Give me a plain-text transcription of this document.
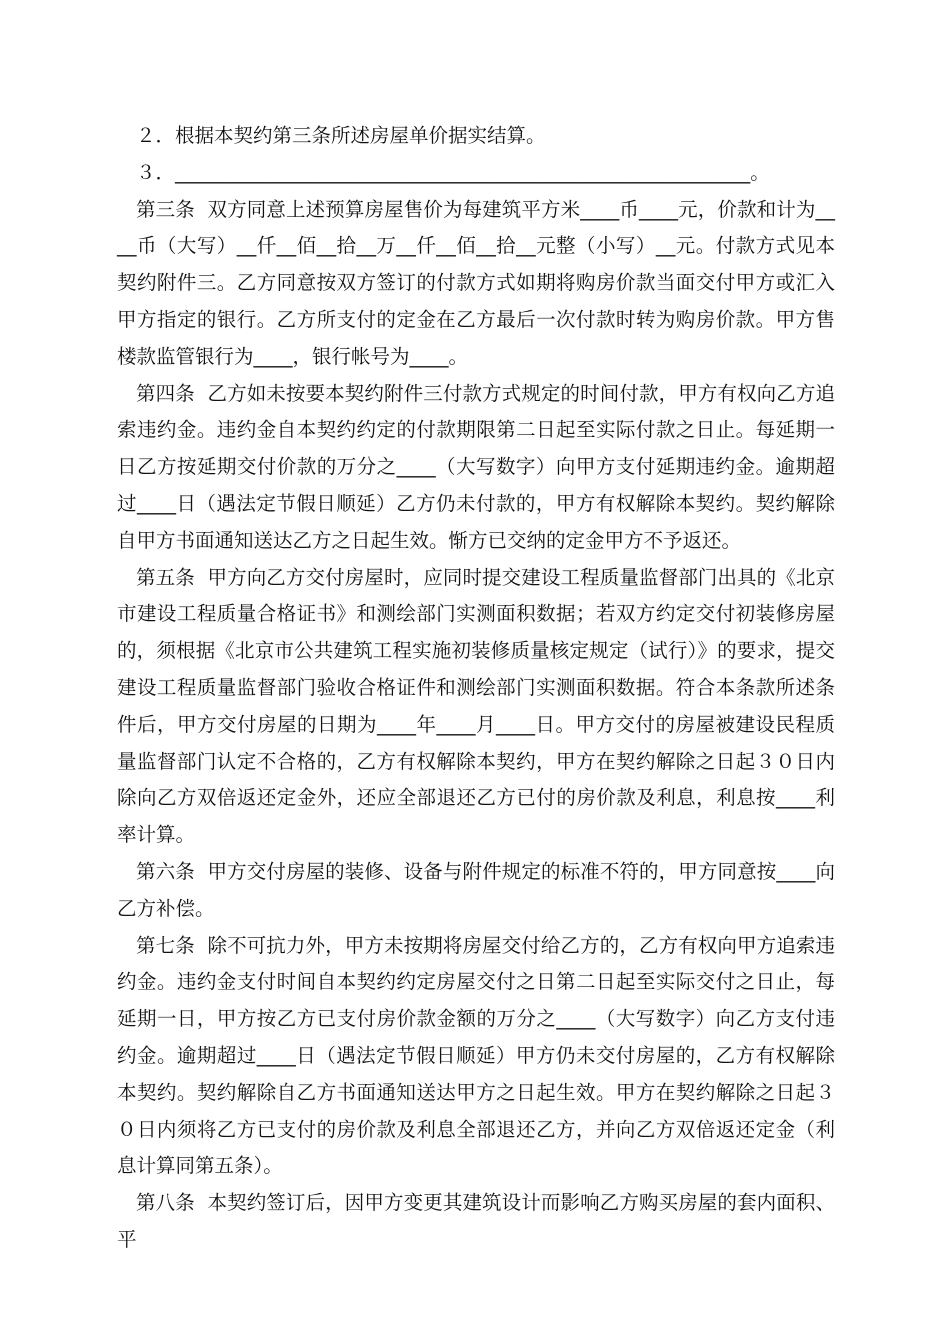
２．根据本契约第三条所述房屋单价据实结算。

３．___________________________________________________________。

第三条  双方同意上述预算房屋售价为每建筑平方米____币____元，价款和计为____币（大写）__仟__佰__拾__万__仟__佰__拾__元整（小写）__元。付款方式见本契约附件三。乙方同意按双方签订的付款方式如期将购房价款当面交付甲方或汇入甲方指定的银行。乙方所支付的定金在乙方最后一次付款时转为购房价款。甲方售楼款监管银行为____，银行帐号为____。

第四条  乙方如未按要本契约附件三付款方式规定的时间付款，甲方有权向乙方追索违约金。违约金自本契约约定的付款期限第二日起至实际付款之日止。每延期一日乙方按延期交付价款的万分之____（大写数字）向甲方支付延期违约金。逾期超过____日（遇法定节假日顺延）乙方仍未付款的，甲方有权解除本契约。契约解除自甲方书面通知送达乙方之日起生效。惭方已交纳的定金甲方不予返还。

第五条  甲方向乙方交付房屋时，应同时提交建设工程质量监督部门出具的《北京市建设工程质量合格证书》和测绘部门实测面积数据；若双方约定交付初装修房屋的，须根据《北京市公共建筑工程实施初装修质量核定规定（试行）》的要求，提交建设工程质量监督部门验收合格证件和测绘部门实测面积数据。符合本条款所述条件后，甲方交付房屋的日期为____年____月____日。甲方交付的房屋被建设民程质量监督部门认定不合格的，乙方有权解除本契约，甲方在契约解除之日起３０日内除向乙方双倍返还定金外，还应全部退还乙方已付的房价款及利息，利息按____利率计算。

第六条  甲方交付房屋的装修、设备与附件规定的标准不符的，甲方同意按____向乙方补偿。

第七条  除不可抗力外，甲方未按期将房屋交付给乙方的，乙方有权向甲方追索违约金。违约金支付时间自本契约约定房屋交付之日第二日起至实际交付之日止，每延期一日，甲方按乙方已支付房价款金额的万分之____（大写数字）向乙方支付违约金。逾期超过____日（遇法定节假日顺延）甲方仍未交付房屋的，乙方有权解除本契约。契约解除自乙方书面通知送达甲方之日起生效。甲方在契约解除之日起３０日内须将乙方已支付的房价款及利息全部退还乙方，并向乙方双倍返还定金（利息计算同第五条）。

第八条  本契约签订后，因甲方变更其建筑设计而影响乙方购买房屋的套内面积、平
